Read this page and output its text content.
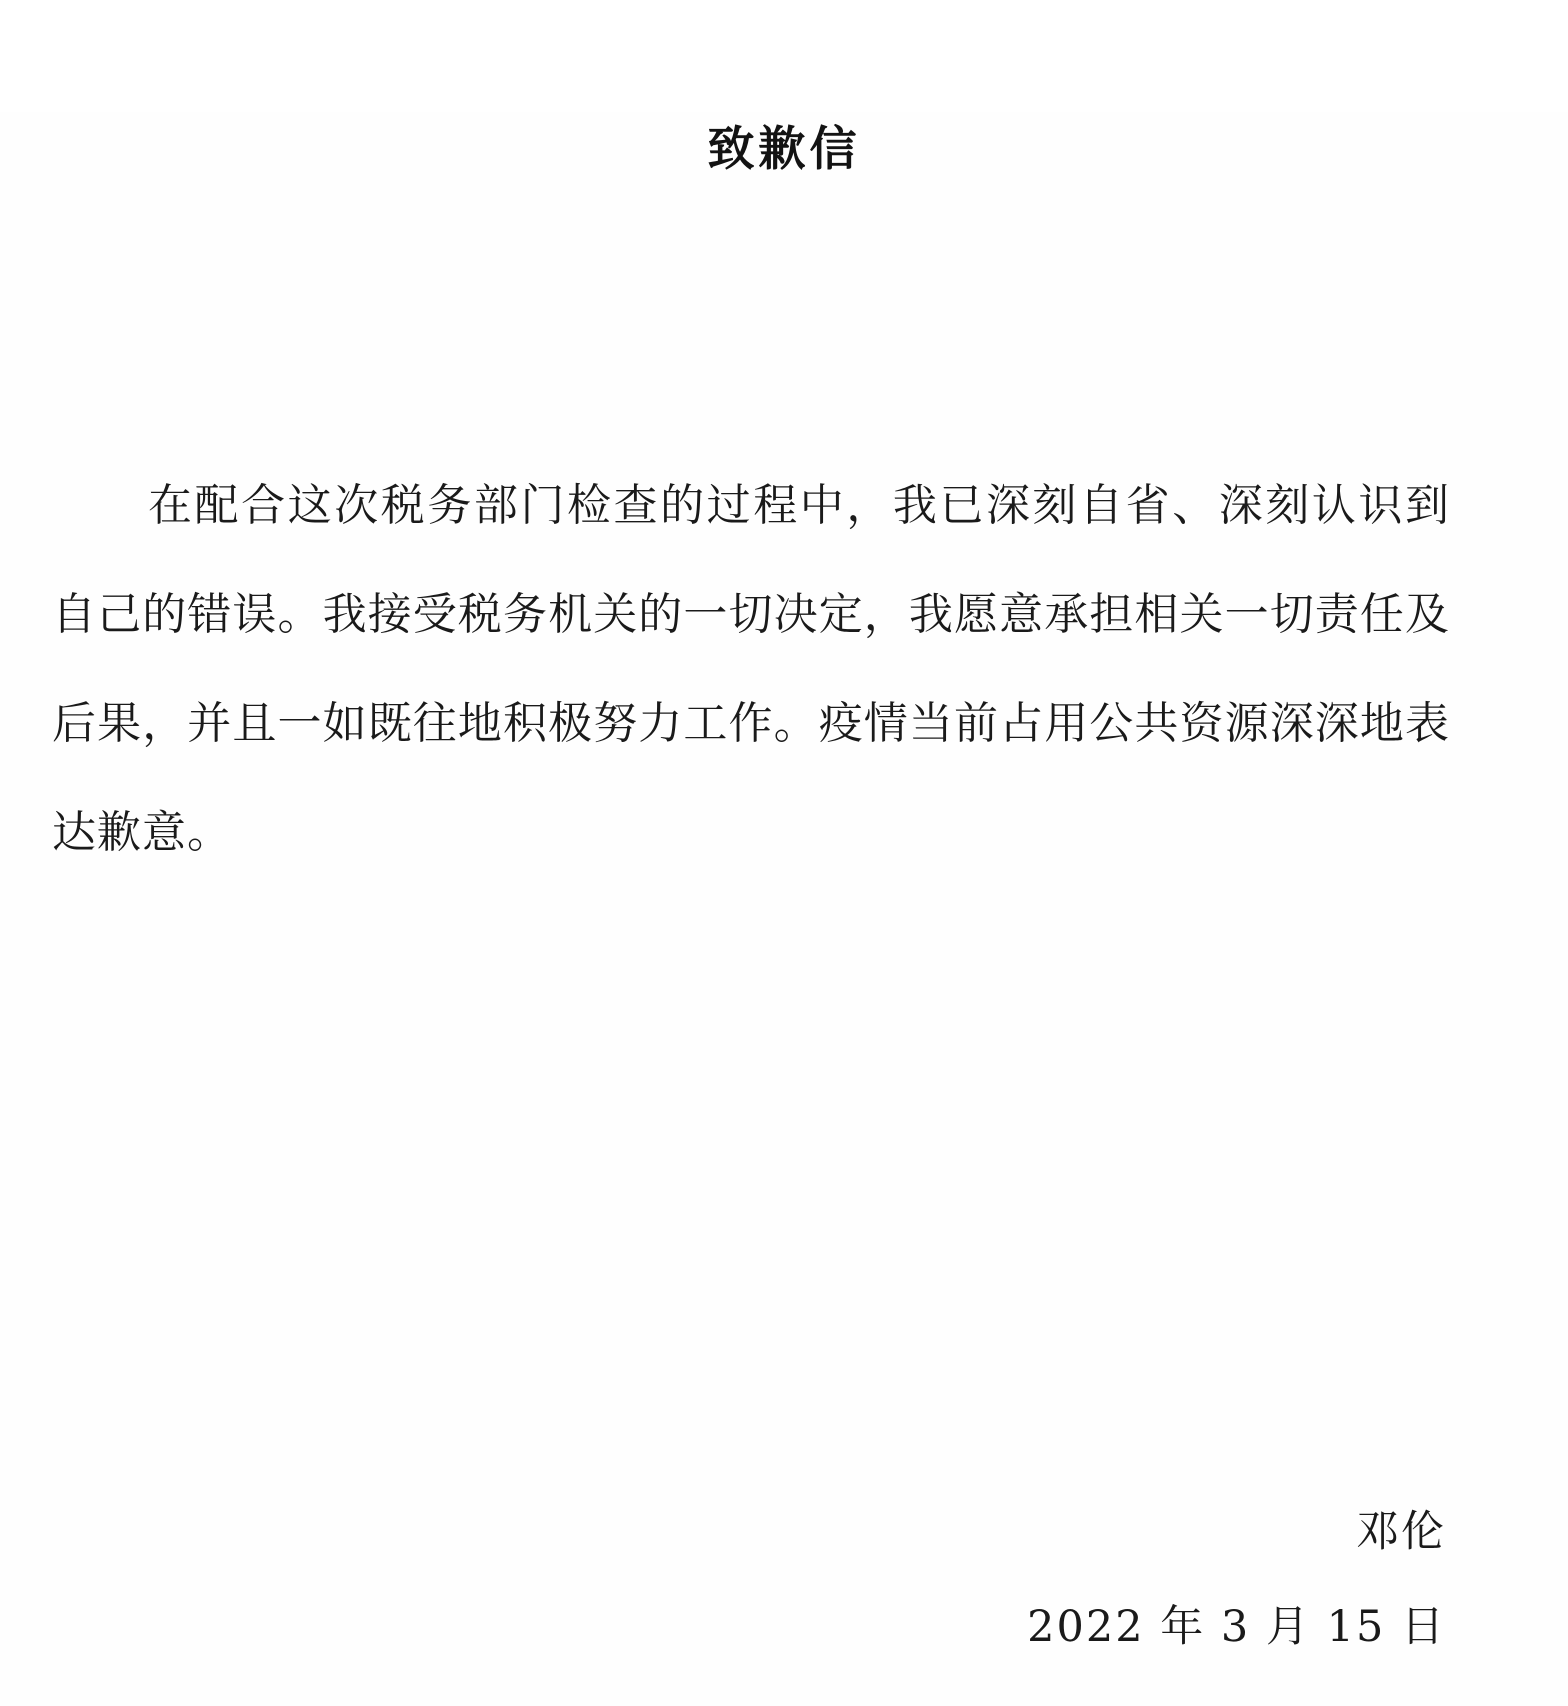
致歉信

在配合这次税务部门检查的过程中，我已深刻自省、深刻认识到自己的错误。我接受税务机关的一切决定，我愿意承担相关一切责任及后果，并且一如既往地积极努力工作。疫情当前占用公共资源深深地表达歉意。

邓伦
2022 年 3 月 15 日
